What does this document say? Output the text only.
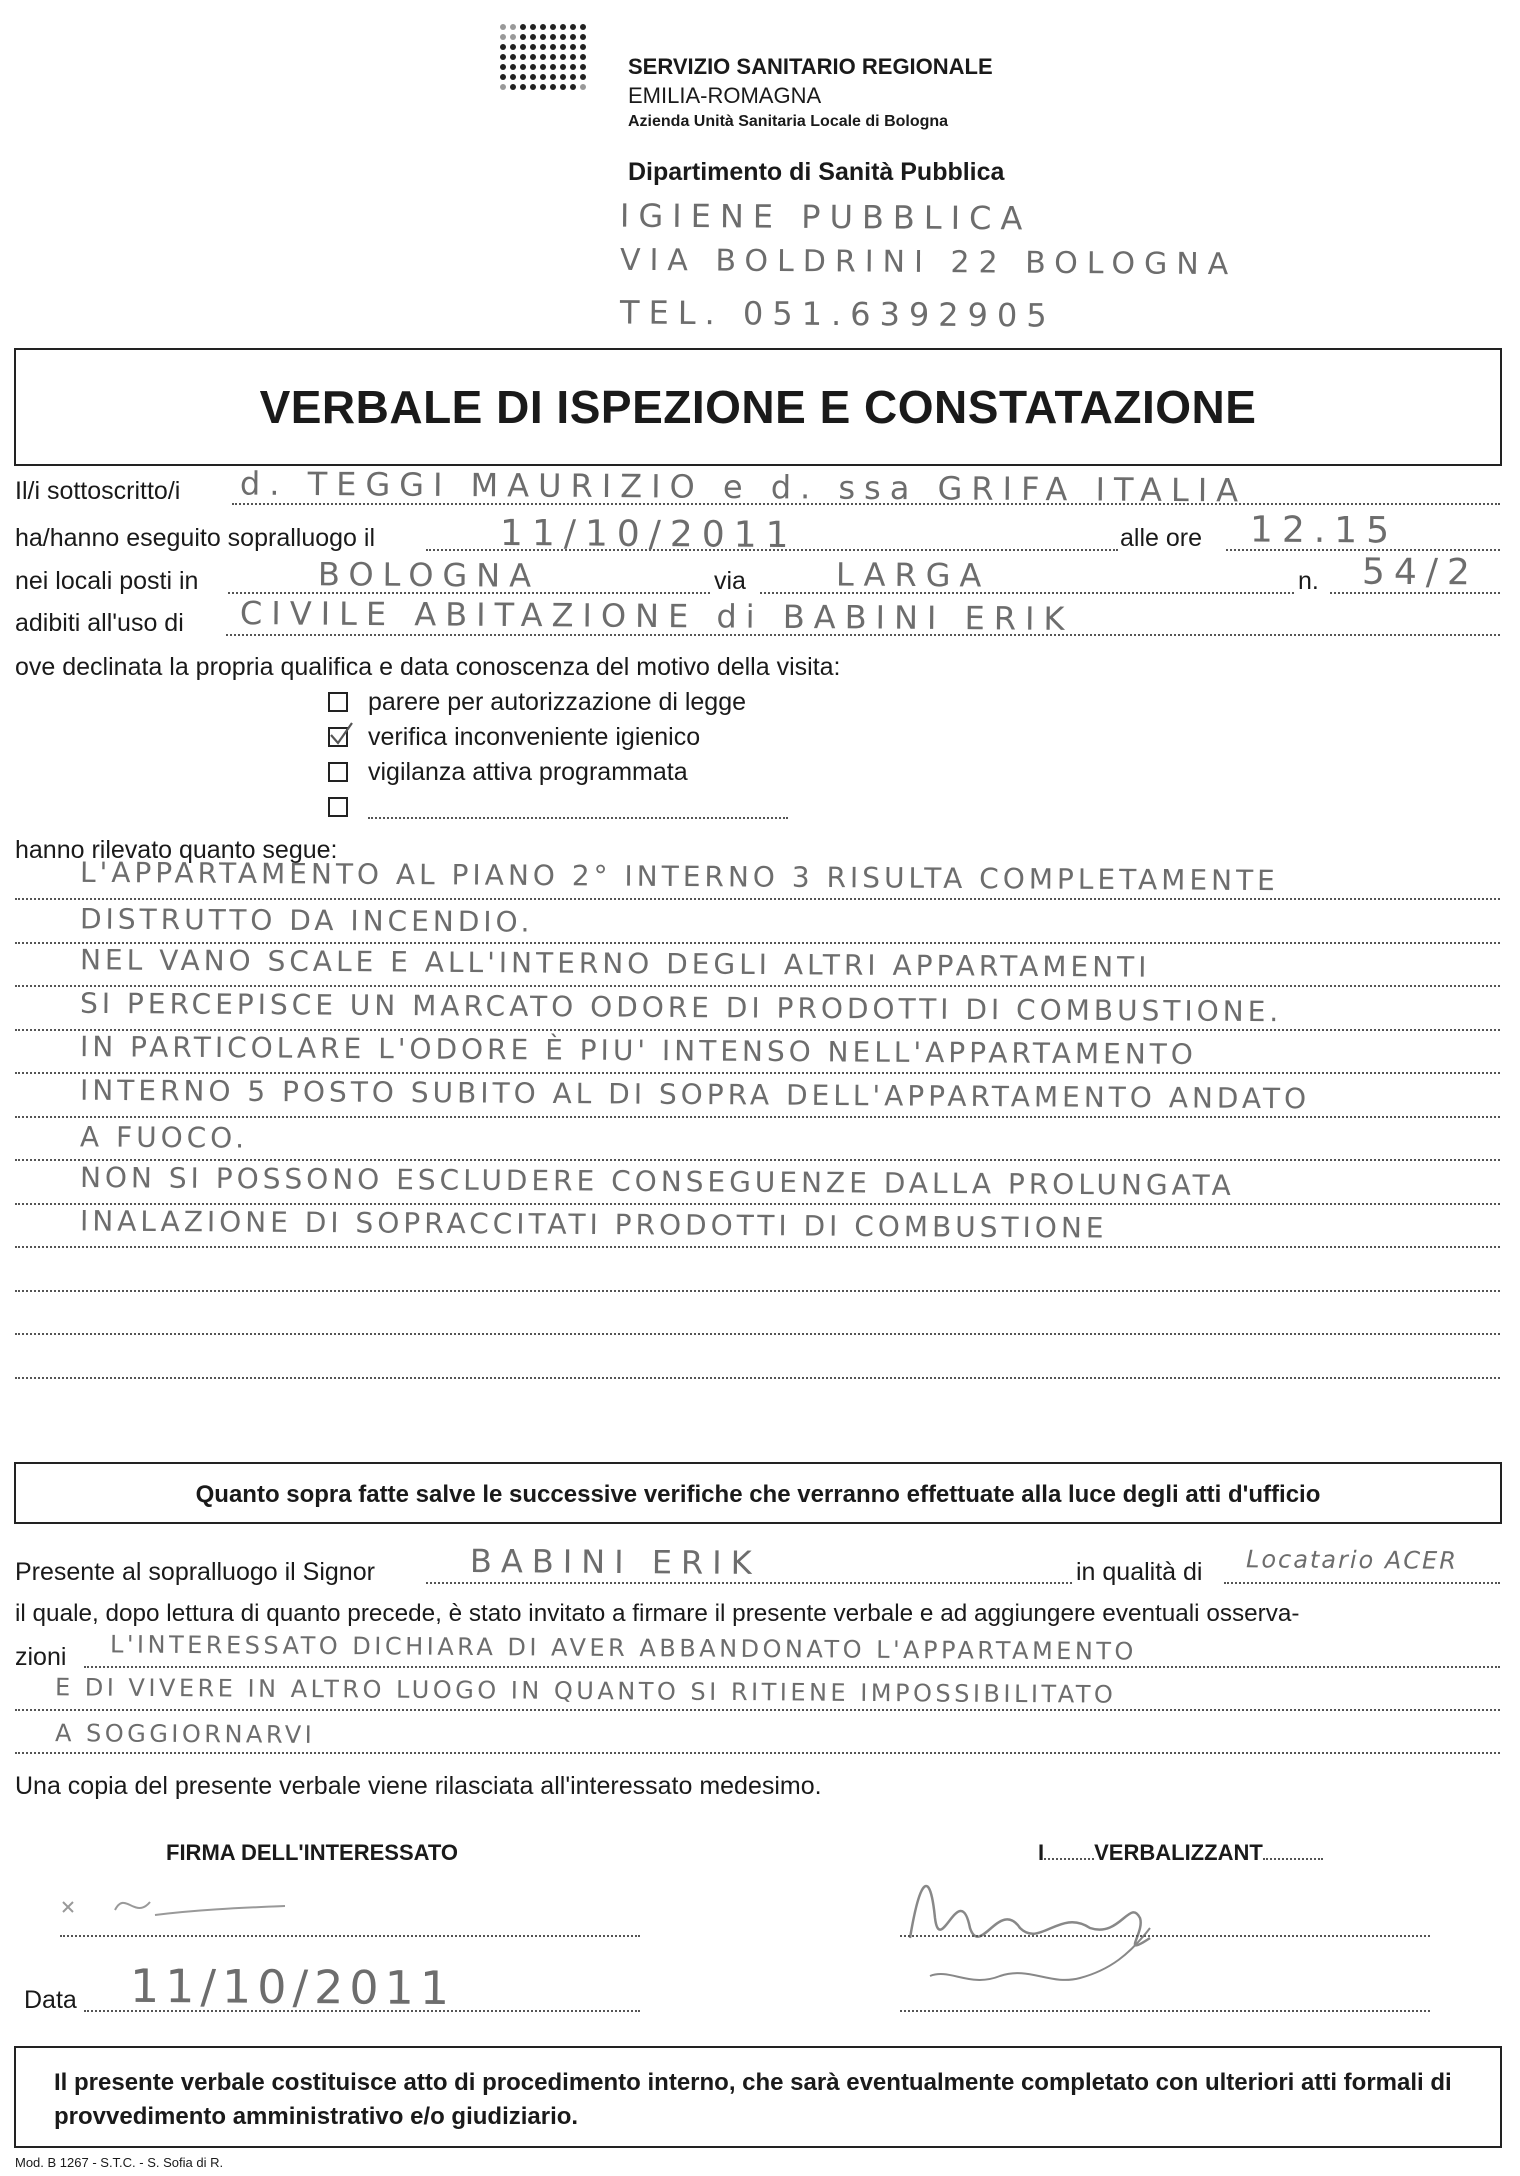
SERVIZIO SANITARIO REGIONALE
EMILIA-ROMAGNA
Azienda Unità Sanitaria Locale di Bologna
Dipartimento di Sanità Pubblica
IGIENE PUBBLICA
VIA BOLDRINI 22 BOLOGNA
TEL. 051.6392905
VERBALE DI ISPEZIONE E CONSTATAZIONE
Il/i sottoscritto/i d. TEGGI MAURIZIO e d. ssa GRIFA ITALIA
ha/hanno eseguito sopralluogo il	11/10/2011	alle ore 12.15
nei locali posti in	BOLOGNA	via	LARGA	n. 54/2
adibiti all'uso di CIVILE ABITAZIONE di BABINI ERIK
ove declinata la propria qualifica e data conoscenza del motivo della visita:
parere per autorizzazione di legge
verifica inconveniente igienico
vigilanza attiva programmata
hanno rilevato quanto segue:
L'APPARTAMENTO AL PIANO 2° INTERNO 3 RISULTA COMPLETAMENTE
DISTRUTTO DA INCENDIO.
NEL VANO SCALE E ALL'INTERNO DEGLI ALTRI APPARTAMENTI
SI PERCEPISCE UN MARCATO ODORE DI PRODOTTI DI COMBUSTIONE.
IN PARTICOLARE L'ODORE È PIU' INTENSO NELL'APPARTAMENTO
INTERNO 5 POSTO SUBITO AL DI SOPRA DELL'APPARTAMENTO ANDATO
A FUOCO.
NON SI POSSONO ESCLUDERE CONSEGUENZE DALLA PROLUNGATA
INALAZIONE DI SOPRACCITATI PRODOTTI DI COMBUSTIONE
Quanto sopra fatte salve le successive verifiche che verranno effettuate alla luce degli atti d'ufficio
Presente al sopralluogo il Signor	BABINI ERIK	in qualità di Locatario ACER
il quale, dopo lettura di quanto precede, è stato invitato a firmare il presente verbale e ad aggiungere eventuali osserva-
zioni L'INTERESSATO DICHIARA DI AVER ABBANDONATO L'APPARTAMENTO
E DI VIVERE IN ALTRO LUOGO IN QUANTO SI RITIENE IMPOSSIBILITATO
A SOGGIORNARVI
Una copia del presente verbale viene rilasciata all'interessato medesimo.
FIRMA DELL'INTERESSATO	I VERBALIZZANT
Data 11/10/2011
Il presente verbale costituisce atto di procedimento interno, che sarà eventualmente completato con ulteriori atti formali di provvedimento amministrativo e/o giudiziario.
Mod. B 1267 - S.T.C. - S. Sofia di R.
